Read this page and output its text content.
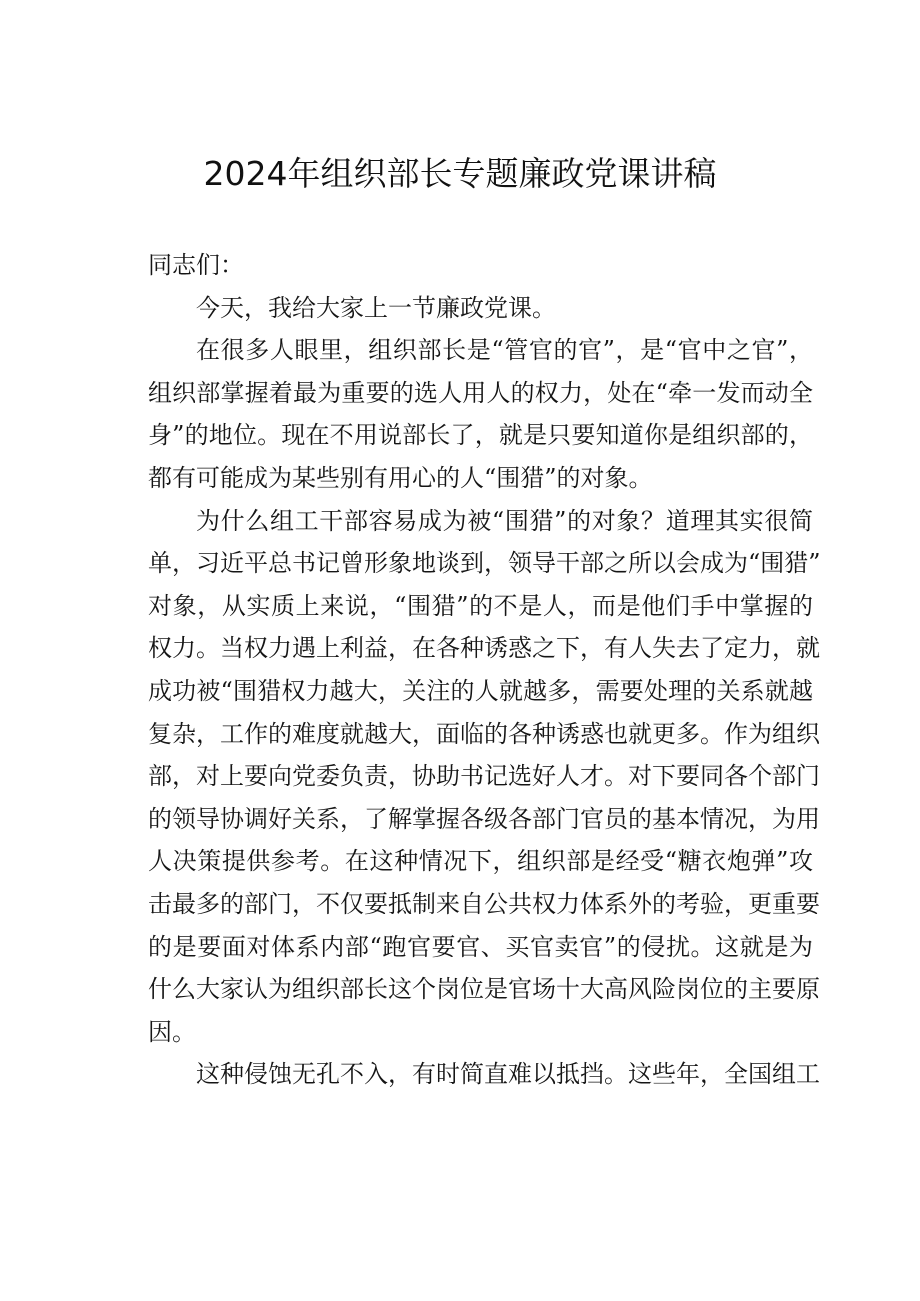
2024年组织部长专题廉政党课讲稿
同志们：
今天，我给大家上一节廉政党课。
在很多人眼里，组织部长是“管官的官”，是“官中之官”，
组织部掌握着最为重要的选人用人的权力，处在“牵一发而动全
身”的地位。现在不用说部长了，就是只要知道你是组织部的，
都有可能成为某些别有用心的人“围猎”的对象。
为什么组工干部容易成为被“围猎”的对象？道理其实很简
单，习近平总书记曾形象地谈到，领导干部之所以会成为“围猎”
对象，从实质上来说，“围猎”的不是人，而是他们手中掌握的
权力。当权力遇上利益，在各种诱惑之下，有人失去了定力，就
成功被“围猎权力越大，关注的人就越多，需要处理的关系就越
复杂，工作的难度就越大，面临的各种诱惑也就更多。作为组织
部，对上要向党委负责，协助书记选好人才。对下要同各个部门
的领导协调好关系，了解掌握各级各部门官员的基本情况，为用
人决策提供参考。在这种情况下，组织部是经受“糖衣炮弹”攻
击最多的部门，不仅要抵制来自公共权力体系外的考验，更重要
的是要面对体系内部“跑官要官、买官卖官”的侵扰。这就是为
什么大家认为组织部长这个岗位是官场十大高风险岗位的主要原
因。
这种侵蚀无孔不入，有时简直难以抵挡。这些年，全国组工
